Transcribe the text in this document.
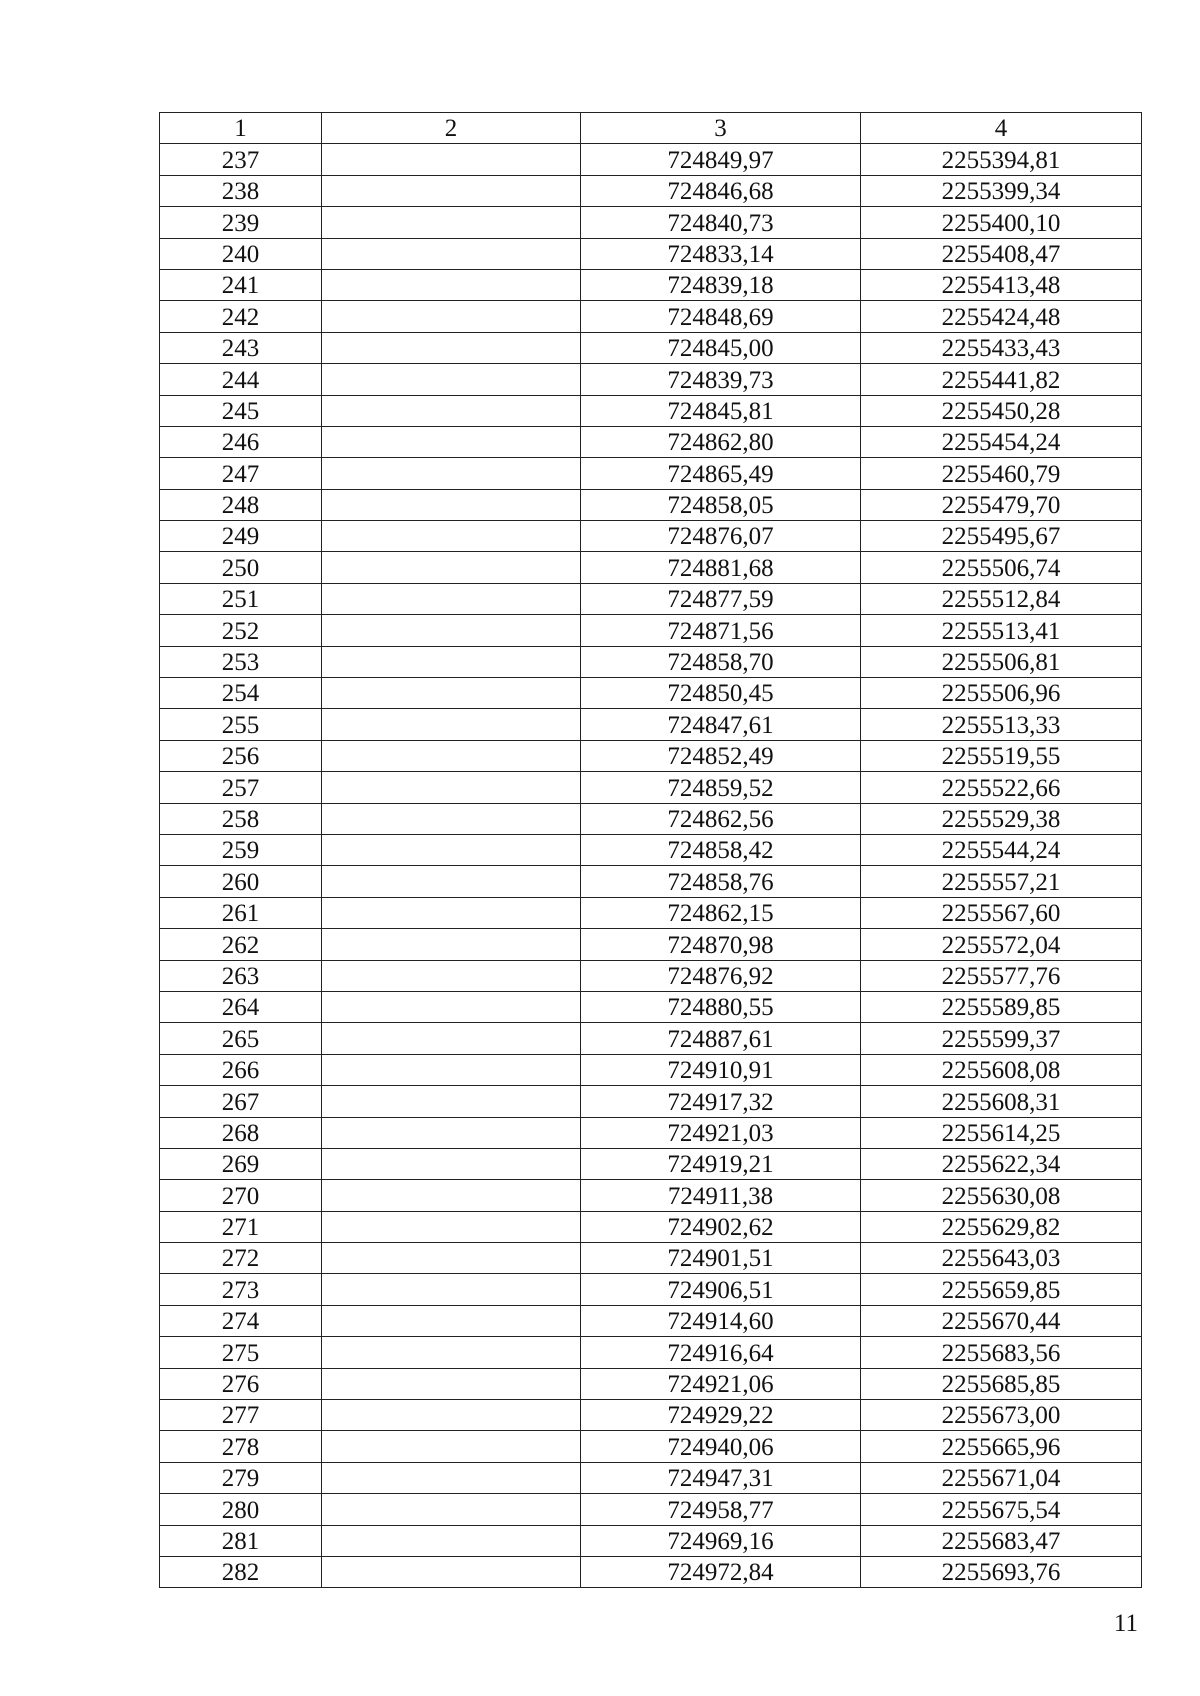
1	2	3	4
237		724849,97	2255394,81
238		724846,68	2255399,34
239		724840,73	2255400,10
240		724833,14	2255408,47
241		724839,18	2255413,48
242		724848,69	2255424,48
243		724845,00	2255433,43
244		724839,73	2255441,82
245		724845,81	2255450,28
246		724862,80	2255454,24
247		724865,49	2255460,79
248		724858,05	2255479,70
249		724876,07	2255495,67
250		724881,68	2255506,74
251		724877,59	2255512,84
252		724871,56	2255513,41
253		724858,70	2255506,81
254		724850,45	2255506,96
255		724847,61	2255513,33
256		724852,49	2255519,55
257		724859,52	2255522,66
258		724862,56	2255529,38
259		724858,42	2255544,24
260		724858,76	2255557,21
261		724862,15	2255567,60
262		724870,98	2255572,04
263		724876,92	2255577,76
264		724880,55	2255589,85
265		724887,61	2255599,37
266		724910,91	2255608,08
267		724917,32	2255608,31
268		724921,03	2255614,25
269		724919,21	2255622,34
270		724911,38	2255630,08
271		724902,62	2255629,82
272		724901,51	2255643,03
273		724906,51	2255659,85
274		724914,60	2255670,44
275		724916,64	2255683,56
276		724921,06	2255685,85
277		724929,22	2255673,00
278		724940,06	2255665,96
279		724947,31	2255671,04
280		724958,77	2255675,54
281		724969,16	2255683,47
282		724972,84	2255693,76
11
